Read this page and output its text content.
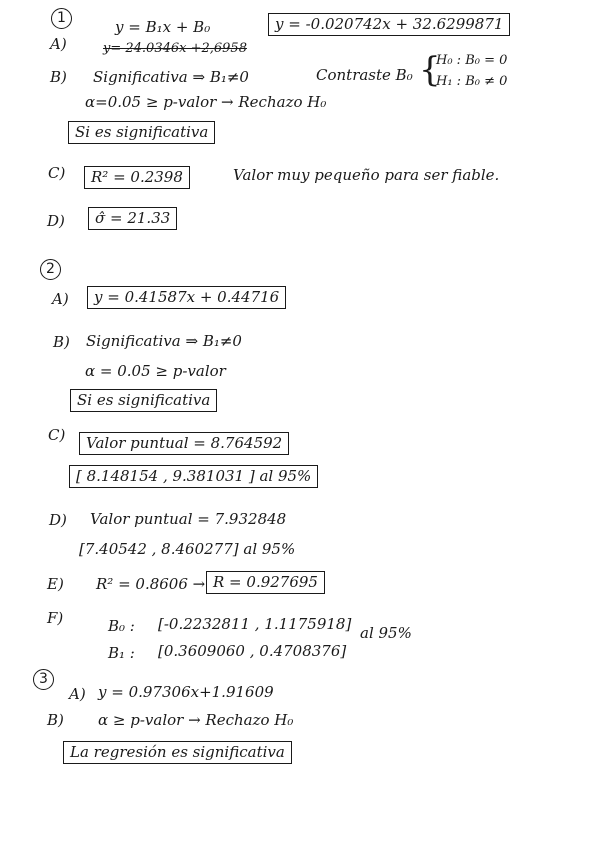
1
A)
y = B₁x + B₀	y = -0.020742x + 32.6299871
y= 24.0346x +2,6958
B) Significativa ⇒ B₁≠0	Contraste B₀ {
H₀ : B₀ = 0
H₁ : B₀ ≠ 0
α=0.05 ≥ p-valor → Rechazo H₀
Si es significativa
C)	R² = 0.2398	Valor muy pequeño para ser fiable.
D)	σ̂ = 21.33
2
A)	y = 0.41587x + 0.44716
B) Significativa ⇒ B₁≠0
α = 0.05 ≥ p-valor
Si es significativa
C)	Valor puntual = 8.764592
[ 8.148154 , 9.381031 ] al 95%
D) Valor puntual = 7.932848
[7.40542 , 8.460277] al 95%
E) R² = 0.8606 → R = 0.927695
F)	B₀ : [-0.2232811 , 1.1175918] al 95%
B₁ : [0.3609060 , 0.4708376]
3
A) y = 0.97306x+1.91609
B) α ≥ p-valor → Rechazo H₀
La regresión es significativa
